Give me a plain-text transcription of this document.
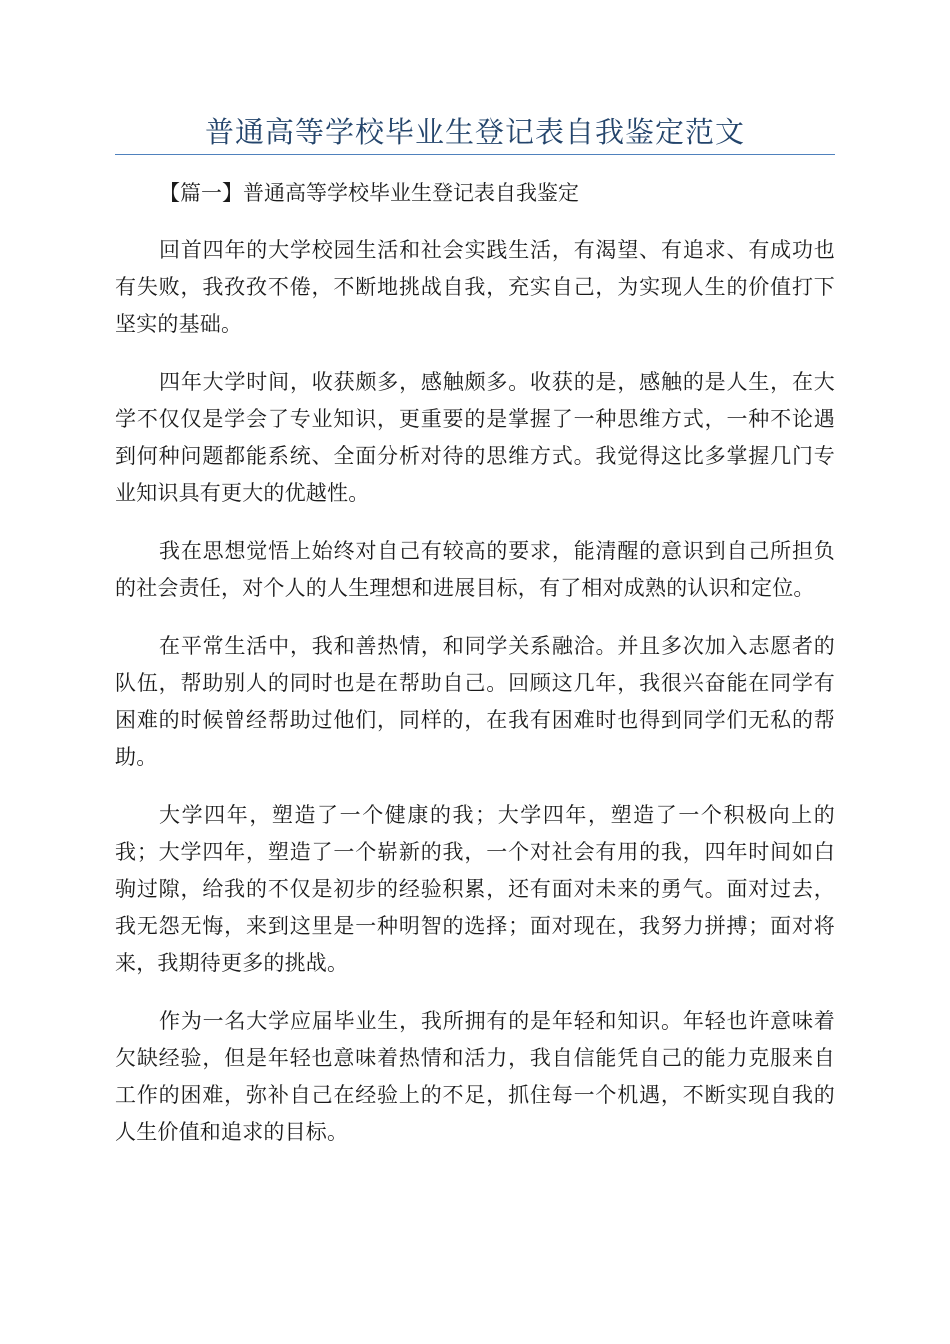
普通高等学校毕业生登记表自我鉴定范文

【篇一】普通高等学校毕业生登记表自我鉴定

回首四年的大学校园生活和社会实践生活，有渴望、有追求、有成功也有失败，我孜孜不倦，不断地挑战自我，充实自己，为实现人生的价值打下坚实的基础。

四年大学时间，收获颇多，感触颇多。收获的是，感触的是人生，在大学不仅仅是学会了专业知识，更重要的是掌握了一种思维方式，一种不论遇到何种问题都能系统、全面分析对待的思维方式。我觉得这比多掌握几门专业知识具有更大的优越性。

我在思想觉悟上始终对自己有较高的要求，能清醒的意识到自己所担负的社会责任，对个人的人生理想和进展目标，有了相对成熟的认识和定位。

在平常生活中，我和善热情，和同学关系融洽。并且多次加入志愿者的队伍，帮助别人的同时也是在帮助自己。回顾这几年，我很兴奋能在同学有困难的时候曾经帮助过他们，同样的，在我有困难时也得到同学们无私的帮助。

大学四年，塑造了一个健康的我；大学四年，塑造了一个积极向上的我；大学四年，塑造了一个崭新的我，一个对社会有用的我，四年时间如白驹过隙，给我的不仅是初步的经验积累，还有面对未来的勇气。面对过去，我无怨无悔，来到这里是一种明智的选择；面对现在，我努力拼搏；面对将来，我期待更多的挑战。

作为一名大学应届毕业生，我所拥有的是年轻和知识。年轻也许意味着欠缺经验，但是年轻也意味着热情和活力，我自信能凭自己的能力克服来自工作的困难，弥补自己在经验上的不足，抓住每一个机遇，不断实现自我的人生价值和追求的目标。
